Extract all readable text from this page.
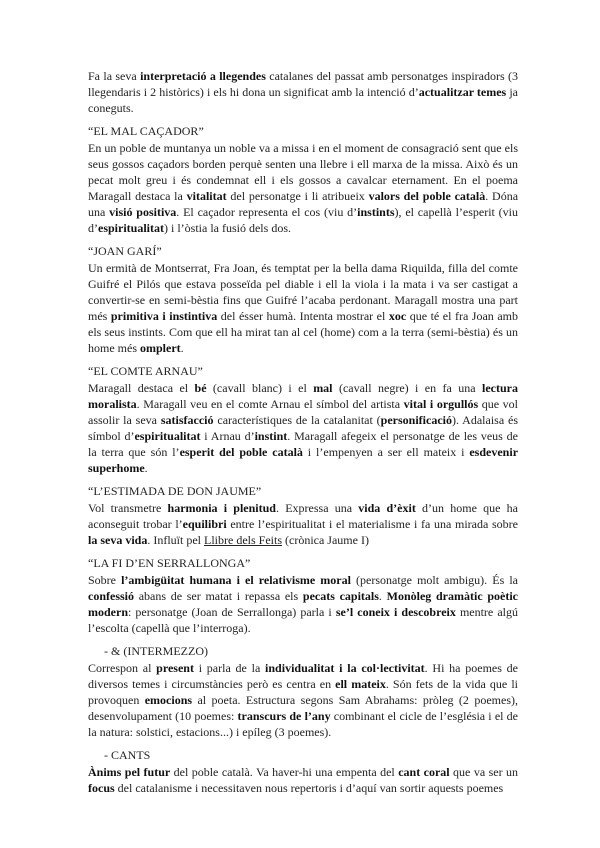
Fa la seva interpretació a llegendes catalanes del passat amb personatges inspiradors (3 llegendaris i 2 històrics) i els hi dona un significat amb la intenció d’actualitzar temes ja coneguts.

“EL MAL CAÇADOR”

En un poble de muntanya un noble va a missa i en el moment de consagració sent que els seus gossos caçadors borden perquè senten una llebre i ell marxa de la missa. Això és un pecat molt greu i és condemnat ell i els gossos a cavalcar eternament. En el poema Maragall destaca la vitalitat del personatge i li atribueix valors del poble català. Dóna una visió positiva. El caçador representa el cos (viu d’instints), el capellà l’esperit (viu d’espiritualitat) i l’òstia la fusió dels dos.

“JOAN GARÍ”

Un ermità de Montserrat, Fra Joan, és temptat per la bella dama Riquilda, filla del comte Guifré el Pilós que estava posseïda pel diable i ell la viola i la mata i va ser castigat a convertir-se en semi-bèstia fins que Guifré l’acaba perdonant. Maragall mostra una part més primitiva i instintiva del ésser humà. Intenta mostrar el xoc que té el fra Joan amb els seus instints. Com que ell ha mirat tan al cel (home) com a la terra (semi-bèstia) és un home més omplert.

“EL COMTE ARNAU”

Maragall destaca el bé (cavall blanc) i el mal (cavall negre) i en fa una lectura moralista. Maragall veu en el comte Arnau el símbol del artista vital i orgullós que vol assolir la seva satisfacció característiques de la catalanitat (personificació). Adalaisa és símbol d’espiritualitat i Arnau d’instint. Maragall afegeix el personatge de les veus de la terra que són l’esperit del poble català i l’empenyen a ser ell mateix i esdevenir superhome.

“L’ESTIMADA DE DON JAUME”

Vol transmetre harmonia i plenitud. Expressa una vida d’èxit d’un home que ha aconseguit trobar l’equilibri entre l’espiritualitat i el materialisme i fa una mirada sobre la seva vida. Influït pel Llibre dels Feits (crònica Jaume I)

“LA FI D’EN SERRALLONGA”

Sobre l’ambigüitat humana i el relativisme moral (personatge molt ambigu). És la confessió abans de ser matat i repassa els pecats capitals. Monòleg dramàtic poètic modern: personatge (Joan de Serrallonga) parla i se’l coneix i descobreix mentre algú l’escolta (capellà que l’interroga).

- & (INTERMEZZO)

Correspon al present i parla de la individualitat i la col·lectivitat. Hi ha poemes de diversos temes i circumstàncies però es centra en ell mateix. Són fets de la vida que li provoquen emocions al poeta. Estructura segons Sam Abrahams: pròleg (2 poemes), desenvolupament (10 poemes: transcurs de l’any combinant el cicle de l’església i el de la natura: solstici, estacions...) i epíleg (3 poemes).

- CANTS

Ànims pel futur del poble català. Va haver-hi una empenta del cant coral que va ser un focus del catalanisme i necessitaven nous repertoris i d’aquí van sortir aquests poemes
